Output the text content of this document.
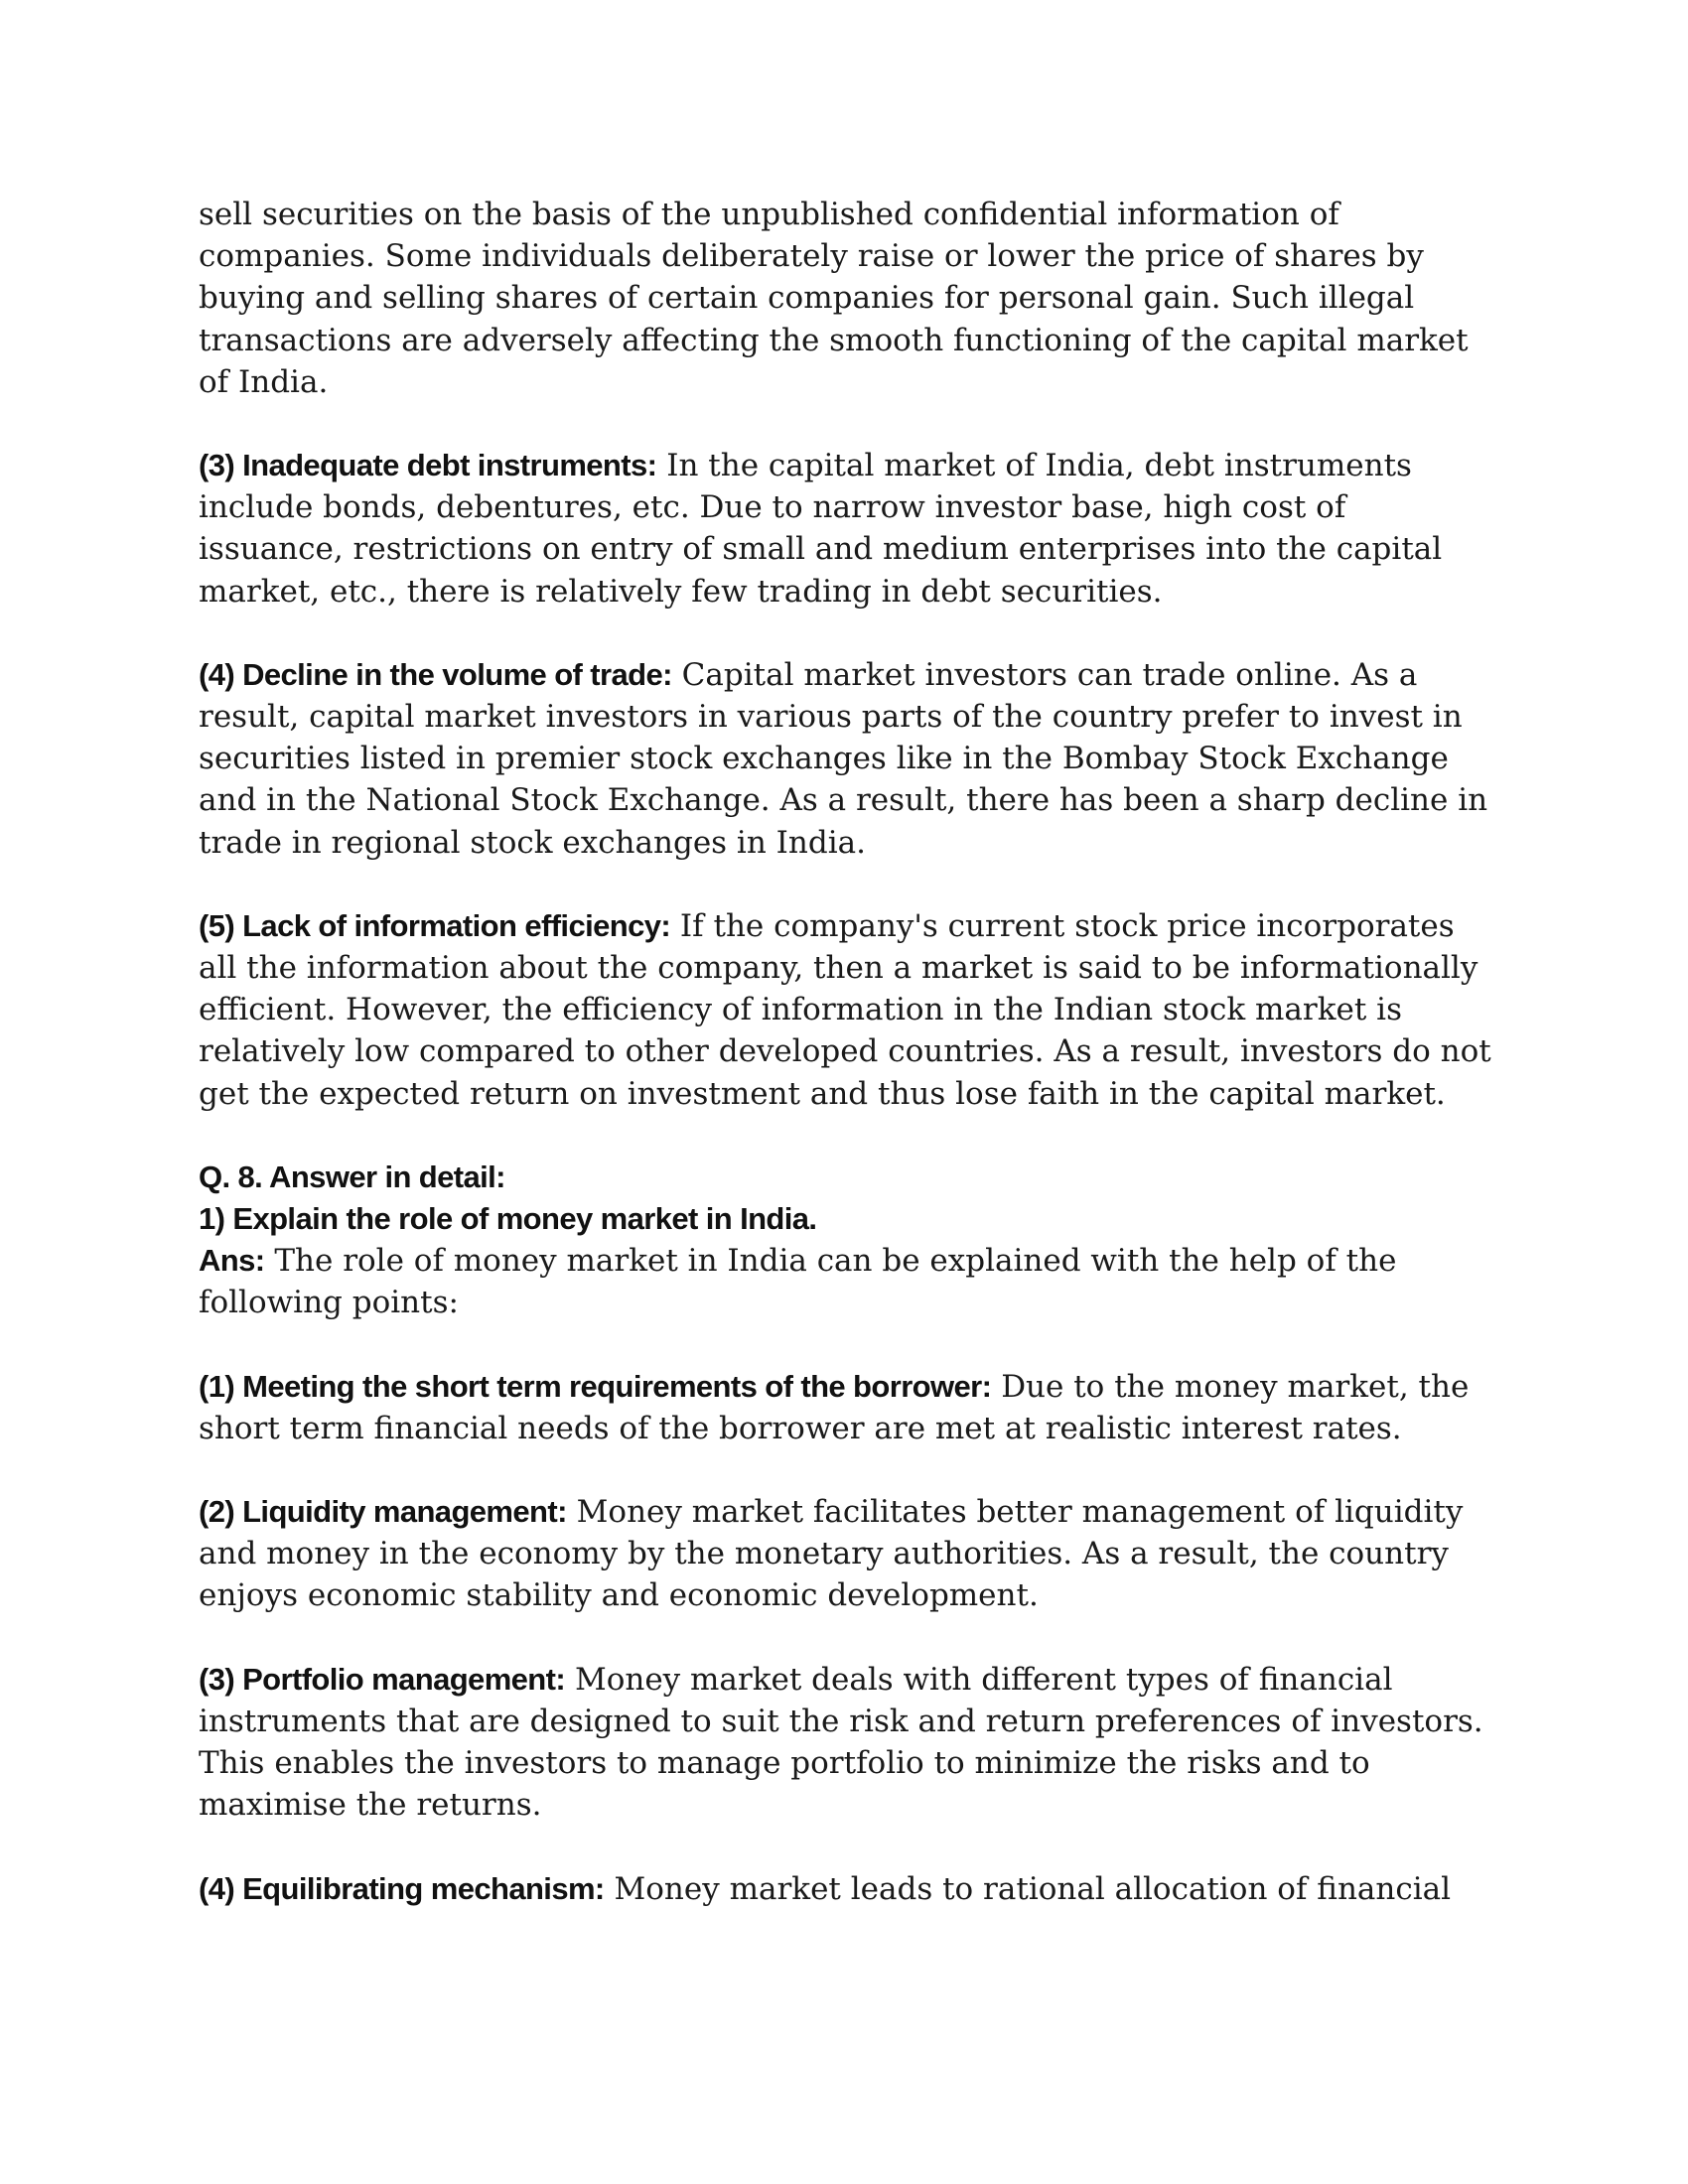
sell securities on the basis of the unpublished confidential information of companies. Some individuals deliberately raise or lower the price of shares by buying and selling shares of certain companies for personal gain. Such illegal transactions are adversely affecting the smooth functioning of the capital market of India.

(3) Inadequate debt instruments: In the capital market of India, debt instruments include bonds, debentures, etc. Due to narrow investor base, high cost of issuance, restrictions on entry of small and medium enterprises into the capital market, etc., there is relatively few trading in debt securities.

(4) Decline in the volume of trade: Capital market investors can trade online. As a result, capital market investors in various parts of the country prefer to invest in securities listed in premier stock exchanges like in the Bombay Stock Exchange and in the National Stock Exchange. As a result, there has been a sharp decline in trade in regional stock exchanges in India.

(5) Lack of information efficiency: If the company's current stock price incorporates all the information about the company, then a market is said to be informationally efficient. However, the efficiency of information in the Indian stock market is relatively low compared to other developed countries. As a result, investors do not get the expected return on investment and thus lose faith in the capital market.

Q. 8. Answer in detail:

1) Explain the role of money market in India.

Ans: The role of money market in India can be explained with the help of the following points:

(1) Meeting the short term requirements of the borrower: Due to the money market, the short term financial needs of the borrower are met at realistic interest rates.

(2) Liquidity management: Money market facilitates better management of liquidity and money in the economy by the monetary authorities. As a result, the country enjoys economic stability and economic development.

(3) Portfolio management: Money market deals with different types of financial instruments that are designed to suit the risk and return preferences of investors. This enables the investors to manage portfolio to minimize the risks and to maximise the returns.

(4) Equilibrating mechanism: Money market leads to rational allocation of financial
